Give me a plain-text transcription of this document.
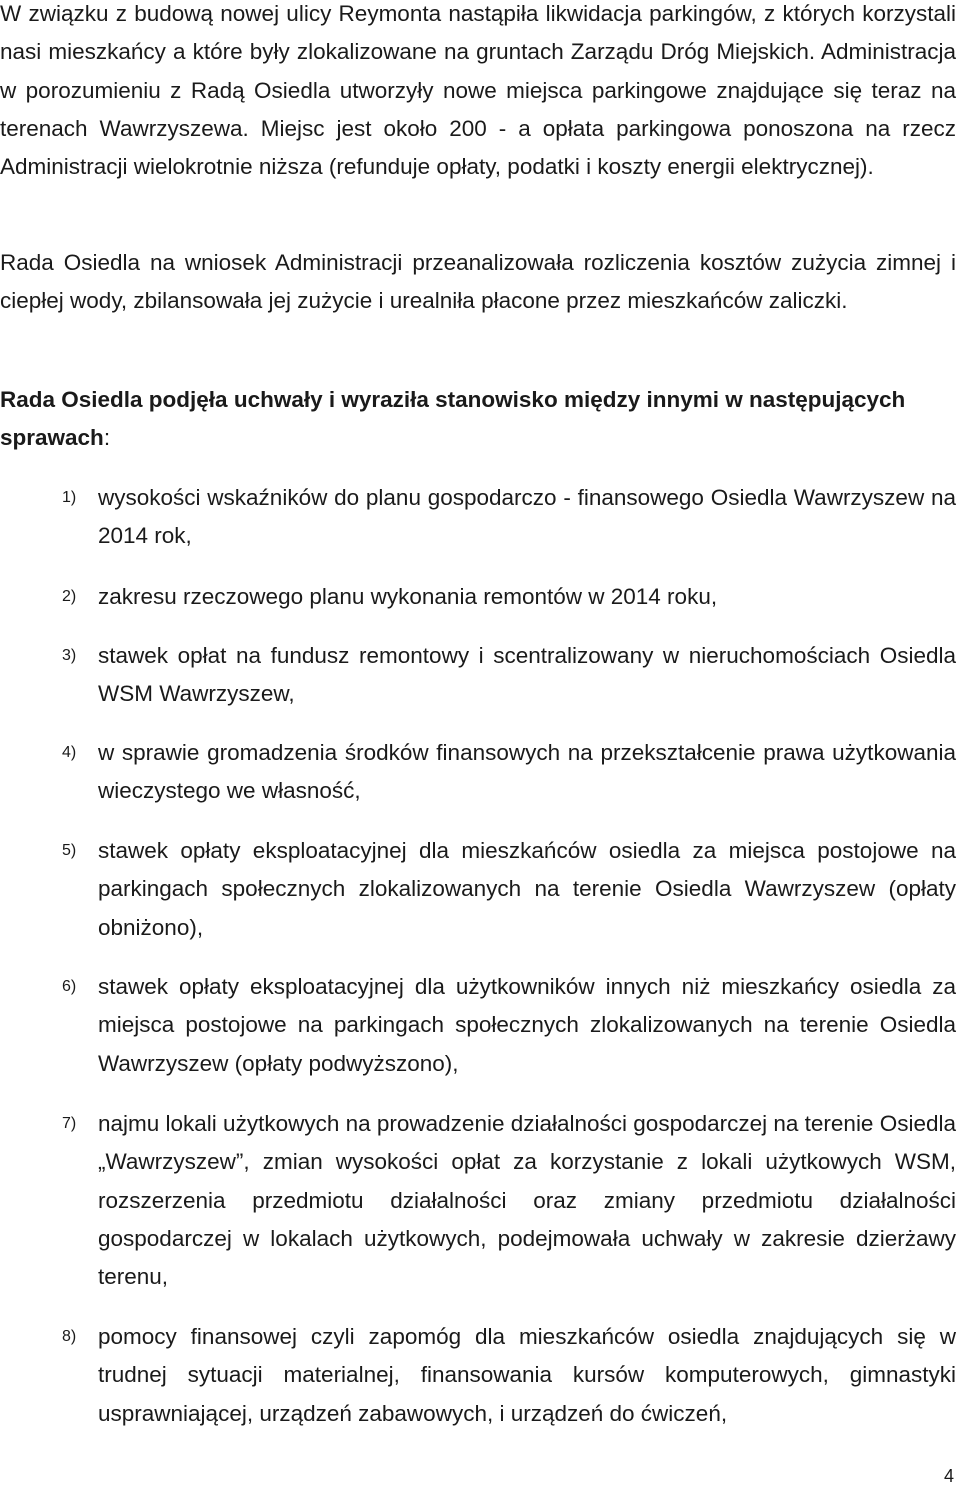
W związku z budową nowej ulicy Reymonta nastąpiła likwidacja parkingów, z których korzystali nasi mieszkańcy a które były zlokalizowane na gruntach Zarządu Dróg Miejskich. Administracja w porozumieniu z Radą Osiedla utworzyły nowe miejsca parkingowe znajdujące się teraz na terenach Wawrzyszewa. Miejsc jest około 200 - a opłata parkingowa ponoszona na rzecz Administracji wielokrotnie niższa (refunduje opłaty, podatki i koszty energii elektrycznej).

Rada Osiedla na wniosek Administracji przeanalizowała rozliczenia kosztów zużycia zimnej i ciepłej wody, zbilansowała jej zużycie i urealniła płacone przez mieszkańców zaliczki.

Rada Osiedla podjęła uchwały i wyraziła stanowisko między innymi w następujących sprawach:

1) wysokości wskaźników do planu gospodarczo - finansowego Osiedla Wawrzyszew na 2014 rok,
2) zakresu rzeczowego planu wykonania remontów w 2014 roku,
3) stawek opłat na fundusz remontowy i scentralizowany w nieruchomościach Osiedla WSM Wawrzyszew,
4) w sprawie gromadzenia środków finansowych na przekształcenie prawa użytkowania wieczystego we własność,
5) stawek opłaty eksploatacyjnej dla mieszkańców osiedla za miejsca postojowe na parkingach społecznych zlokalizowanych na terenie Osiedla Wawrzyszew (opłaty obniżono),
6) stawek opłaty eksploatacyjnej dla użytkowników innych niż mieszkańcy osiedla za miejsca postojowe na parkingach społecznych zlokalizowanych na terenie Osiedla Wawrzyszew (opłaty podwyższono),
7) najmu lokali użytkowych na prowadzenie działalności gospodarczej na terenie Osiedla „Wawrzyszew”, zmian wysokości opłat za korzystanie z lokali użytkowych WSM, rozszerzenia przedmiotu działalności oraz zmiany przedmiotu działalności gospodarczej w lokalach użytkowych, podejmowała uchwały w zakresie dzierżawy terenu,
8) pomocy finansowej czyli zapomóg dla mieszkańców osiedla znajdujących się w trudnej sytuacji materialnej, finansowania kursów komputerowych, gimnastyki usprawniającej, urządzeń zabawowych, i urządzeń do ćwiczeń,
4
